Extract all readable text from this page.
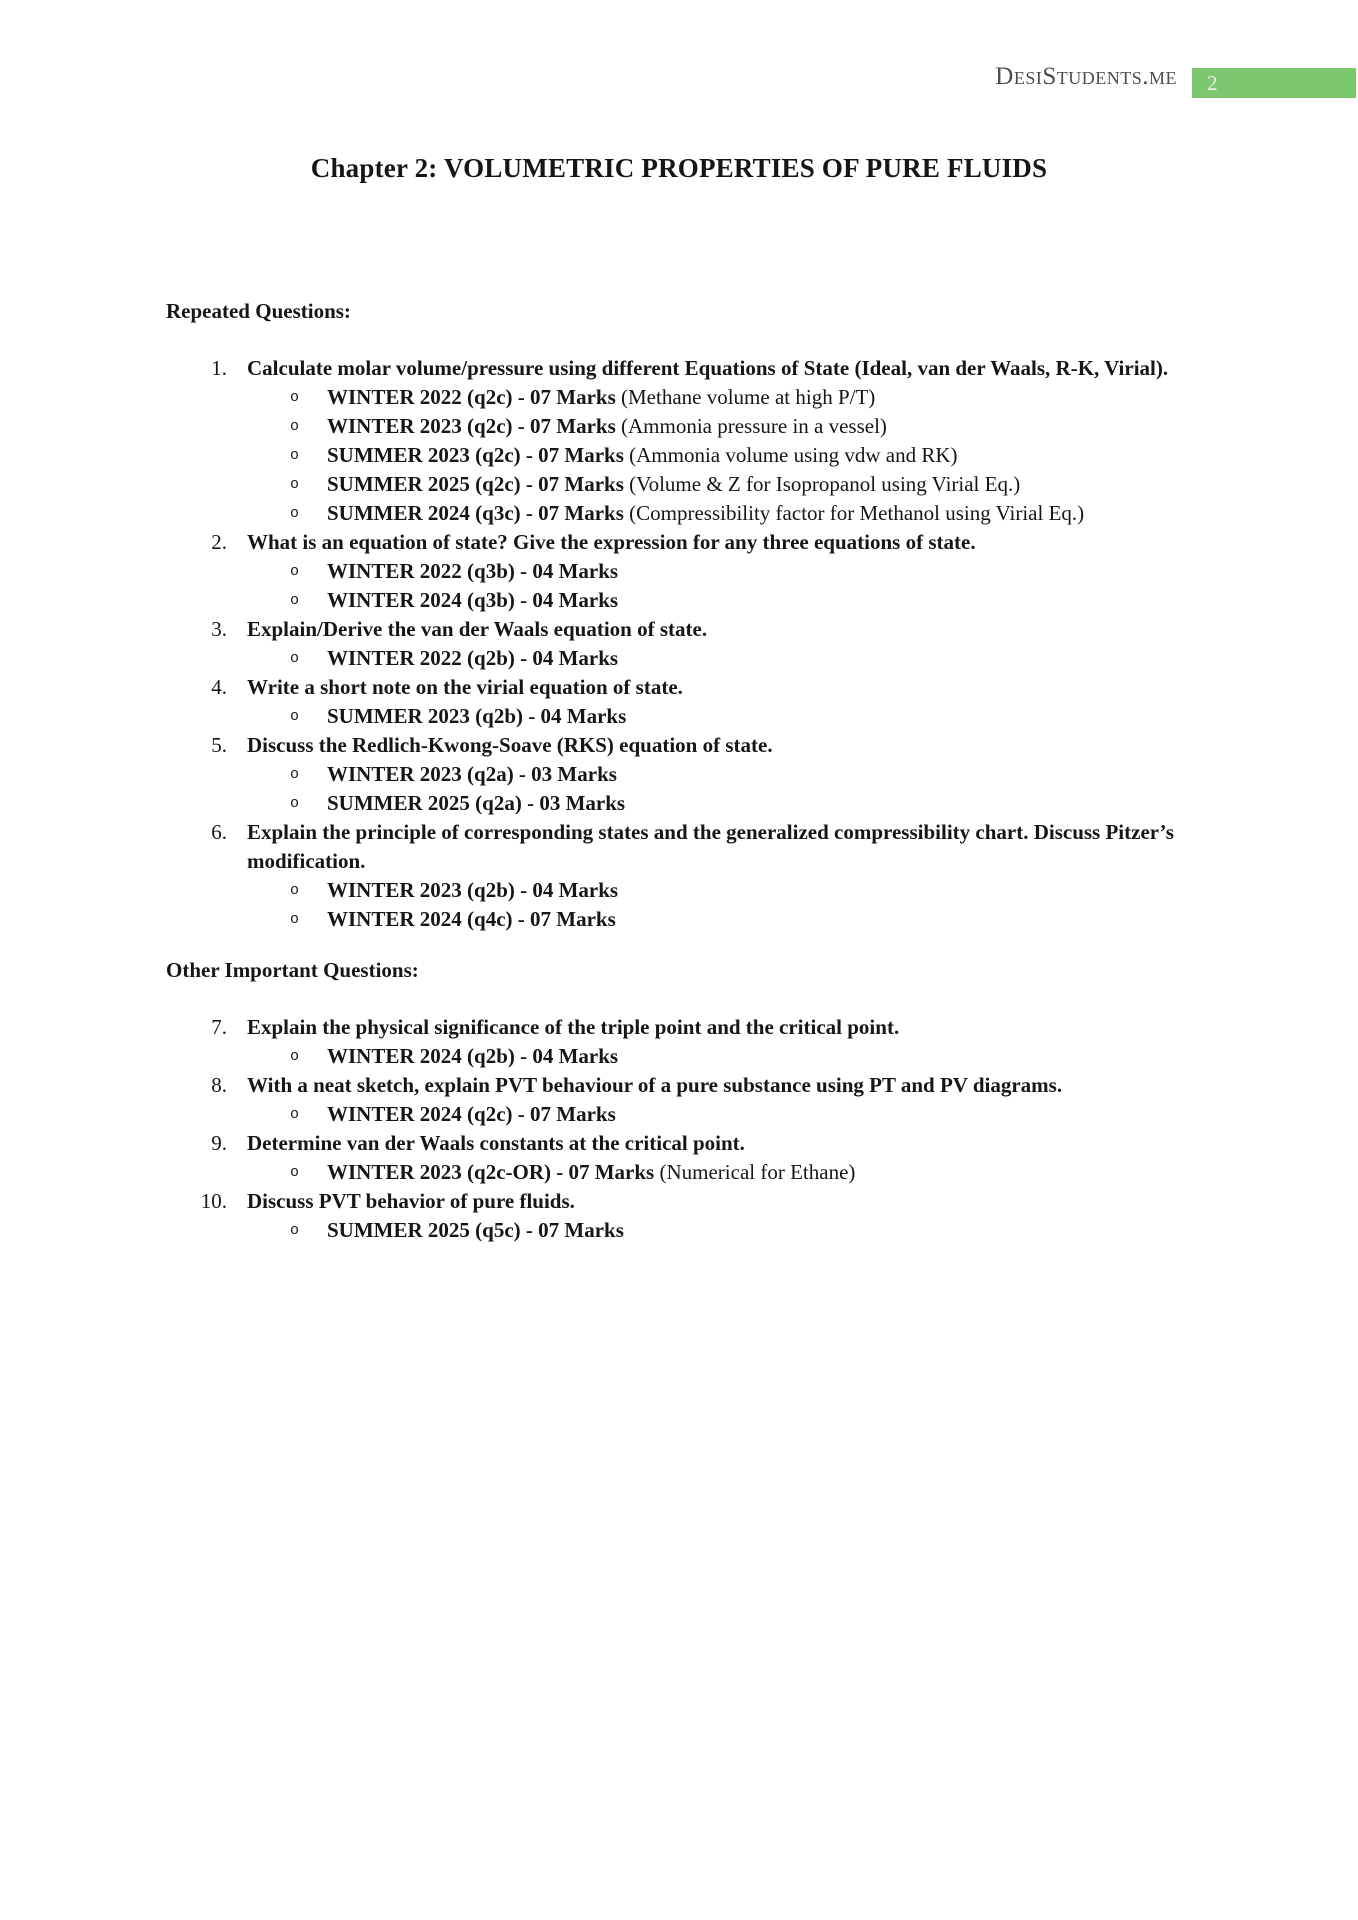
DesiStudents.me	2
Chapter 2: VOLUMETRIC PROPERTIES OF PURE FLUIDS
Repeated Questions:
1. Calculate molar volume/pressure using different Equations of State (Ideal, van der Waals, R-K, Virial).
o	WINTER 2022 (q2c) - 07 Marks (Methane volume at high P/T)
o	WINTER 2023 (q2c) - 07 Marks (Ammonia pressure in a vessel)
o	SUMMER 2023 (q2c) - 07 Marks (Ammonia volume using vdw and RK)
o	SUMMER 2025 (q2c) - 07 Marks (Volume & Z for Isopropanol using Virial Eq.)
o	SUMMER 2024 (q3c) - 07 Marks (Compressibility factor for Methanol using Virial Eq.)
2. What is an equation of state? Give the expression for any three equations of state.
o	WINTER 2022 (q3b) - 04 Marks
o	WINTER 2024 (q3b) - 04 Marks
3. Explain/Derive the van der Waals equation of state.
o	WINTER 2022 (q2b) - 04 Marks
4. Write a short note on the virial equation of state.
o	SUMMER 2023 (q2b) - 04 Marks
5. Discuss the Redlich-Kwong-Soave (RKS) equation of state.
o	WINTER 2023 (q2a) - 03 Marks
o	SUMMER 2025 (q2a) - 03 Marks
6. Explain the principle of corresponding states and the generalized compressibility chart. Discuss Pitzer’s modification.
o	WINTER 2023 (q2b) - 04 Marks
o	WINTER 2024 (q4c) - 07 Marks
Other Important Questions:
7. Explain the physical significance of the triple point and the critical point.
o	WINTER 2024 (q2b) - 04 Marks
8. With a neat sketch, explain PVT behaviour of a pure substance using PT and PV diagrams.
o	WINTER 2024 (q2c) - 07 Marks
9. Determine van der Waals constants at the critical point.
o	WINTER 2023 (q2c-OR) - 07 Marks (Numerical for Ethane)
10. Discuss PVT behavior of pure fluids.
o	SUMMER 2025 (q5c) - 07 Marks
